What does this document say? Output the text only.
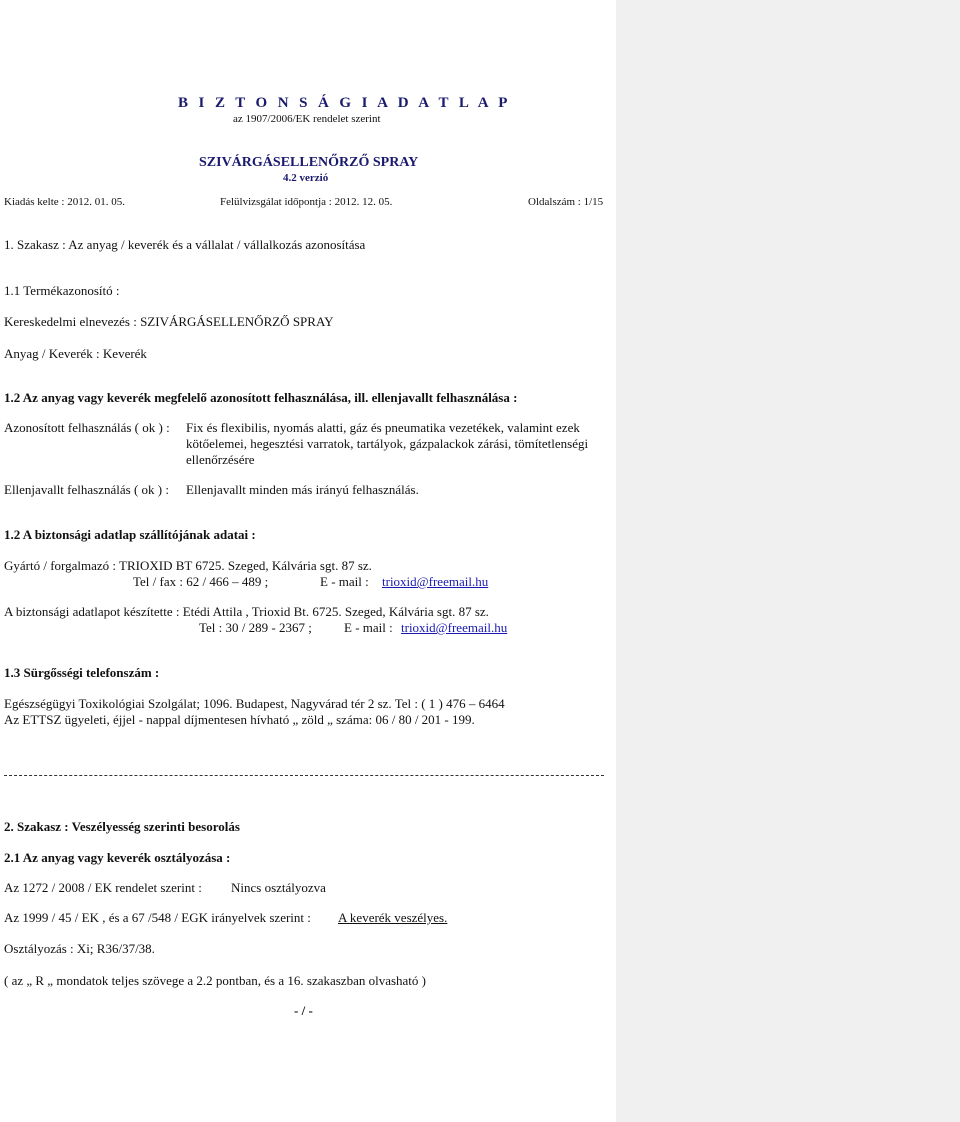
B I Z T O N S Á G I A D A T L A P
az 1907/2006/EK rendelet szerint
SZIVÁRGÁSELLENŐRZŐ SPRAY
4.2 verzió
Kiadás kelte : 2012. 01. 05.	Felülvizsgálat időpontja : 2012. 12. 05.	Oldalszám : 1/15
1. Szakasz : Az anyag / keverék és a vállalat / vállalkozás azonosítása
1.1 Termékazonosító :
Kereskedelmi elnevezés : SZIVÁRGÁSELLENŐRZŐ SPRAY
Anyag / Keverék : Keverék
1.2 Az anyag vagy keverék megfelelő azonosított felhasználása, ill. ellenjavallt felhasználása :
Azonosított felhasználás ( ok ) : Fix és flexibilis, nyomás alatti, gáz és pneumatika vezetékek, valamint ezek
kötőelemei, hegesztési varratok, tartályok, gázpalackok zárási, tömítetlenségi
ellenőrzésére
Ellenjavallt felhasználás ( ok ) : Ellenjavallt minden más irányú felhasználás.
1.2 A biztonsági adatlap szállítójának adatai :
Gyártó / forgalmazó : TRIOXID BT 6725. Szeged, Kálvária sgt. 87 sz.
Tel / fax : 62 / 466 – 489 ;	E - mail : trioxid@freemail.hu
A biztonsági adatlapot készítette : Etédi Attila , Trioxid Bt. 6725. Szeged, Kálvária sgt. 87 sz.
Tel : 30 / 289 - 2367 ; E - mail : trioxid@freemail.hu
1.3 Sürgősségi telefonszám :
Egészségügyi Toxikológiai Szolgálat; 1096. Budapest, Nagyvárad tér 2 sz. Tel : ( 1 ) 476 – 6464
Az ETTSZ ügyeleti, éjjel - nappal díjmentesen hívható „ zöld „ száma: 06 / 80 / 201 - 199.
2. Szakasz : Veszélyesség szerinti besorolás
2.1 Az anyag vagy keverék osztályozása :
Az 1272 / 2008 / EK rendelet szerint : Nincs osztályozva
Az 1999 / 45 / EK , és a 67 /548 / EGK irányelvek szerint : A keverék veszélyes.
Osztályozás : Xi; R36/37/38.
( az „ R „ mondatok teljes szövege a 2.2 pontban, és a 16. szakaszban olvasható )
- / -
